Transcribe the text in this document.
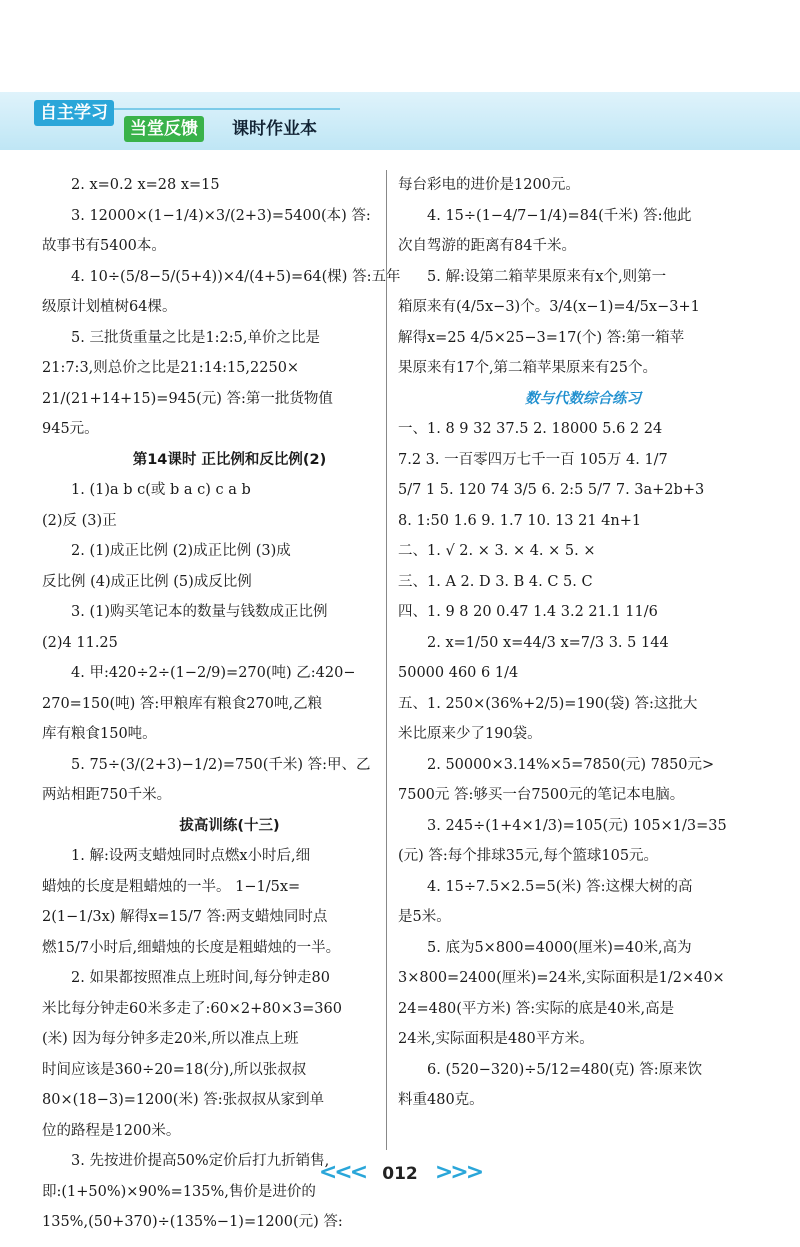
自主学习
当堂反馈	课时作业本

2. x=0.2 x=28 x=15

3. 12000×(1−1/4)×3/(2+3)=5400(本) 答:

故事书有5400本。

4. 10÷(5/8−5/(5+4))×4/(4+5)=64(棵) 答:五年

级原计划植树64棵。

5. 三批货重量之比是1:2:5,单价之比是

21:7:3,则总价之比是21:14:15,2250×

21/(21+14+15)=945(元) 答:第一批货物值

945元。

第14课时 正比例和反比例(2)

1. (1)a b c(或 b a c) c a b

(2)反 (3)正

2. (1)成正比例 (2)成正比例 (3)成

反比例 (4)成正比例 (5)成反比例

3. (1)购买笔记本的数量与钱数成正比例

(2)4 11.25

4. 甲:420÷2÷(1−2/9)=270(吨) 乙:420−

270=150(吨) 答:甲粮库有粮食270吨,乙粮

库有粮食150吨。

5. 75÷(3/(2+3)−1/2)=750(千米) 答:甲、乙

两站相距750千米。

拔高训练(十三)

1. 解:设两支蜡烛同时点燃x小时后,细

蜡烛的长度是粗蜡烛的一半。 1−1/5x=

2(1−1/3x) 解得x=15/7 答:两支蜡烛同时点

燃15/7小时后,细蜡烛的长度是粗蜡烛的一半。

2. 如果都按照准点上班时间,每分钟走80

米比每分钟走60米多走了:60×2+80×3=360

(米) 因为每分钟多走20米,所以准点上班

时间应该是360÷20=18(分),所以张叔叔

80×(18−3)=1200(米) 答:张叔叔从家到单

位的路程是1200米。

3. 先按进价提高50%定价后打九折销售,

即:(1+50%)×90%=135%,售价是进价的

135%,(50+370)÷(135%−1)=1200(元) 答:

每台彩电的进价是1200元。

4. 15÷(1−4/7−1/4)=84(千米) 答:他此

次自驾游的距离有84千米。

5. 解:设第二箱苹果原来有x个,则第一

箱原来有(4/5x−3)个。3/4(x−1)=4/5x−3+1

解得x=25 4/5×25−3=17(个) 答:第一箱苹

果原来有17个,第二箱苹果原来有25个。

数与代数综合练习

一、1. 8 9 32 37.5 2. 18000 5.6 2 24

7.2 3. 一百零四万七千一百 105万 4. 1/7

5/7 1 5. 120 74 3/5 6. 2:5 5/7 7. 3a+2b+3

8. 1:50 1.6 9. 1.7 10. 13 21 4n+1

二、1. √ 2. × 3. × 4. × 5. ×

三、1. A 2. D 3. B 4. C 5. C

四、1. 9 8 20 0.47 1.4 3.2 21.1 11/6

2. x=1/50 x=44/3 x=7/3 3. 5 144

50000 460 6 1/4

五、1. 250×(36%+2/5)=190(袋) 答:这批大

米比原来少了190袋。

2. 50000×3.14%×5=7850(元) 7850元>

7500元 答:够买一台7500元的笔记本电脑。

3. 245÷(1+4×1/3)=105(元) 105×1/3=35

(元) 答:每个排球35元,每个篮球105元。

4. 15÷7.5×2.5=5(米) 答:这棵大树的高

是5米。

5. 底为5×800=4000(厘米)=40米,高为

3×800=2400(厘米)=24米,实际面积是1/2×40×

24=480(平方米) 答:实际的底是40米,高是

24米,实际面积是480平方米。

6. (520−320)÷5/12=480(克) 答:原来饮

料重480克。

<<< 012 >>>
